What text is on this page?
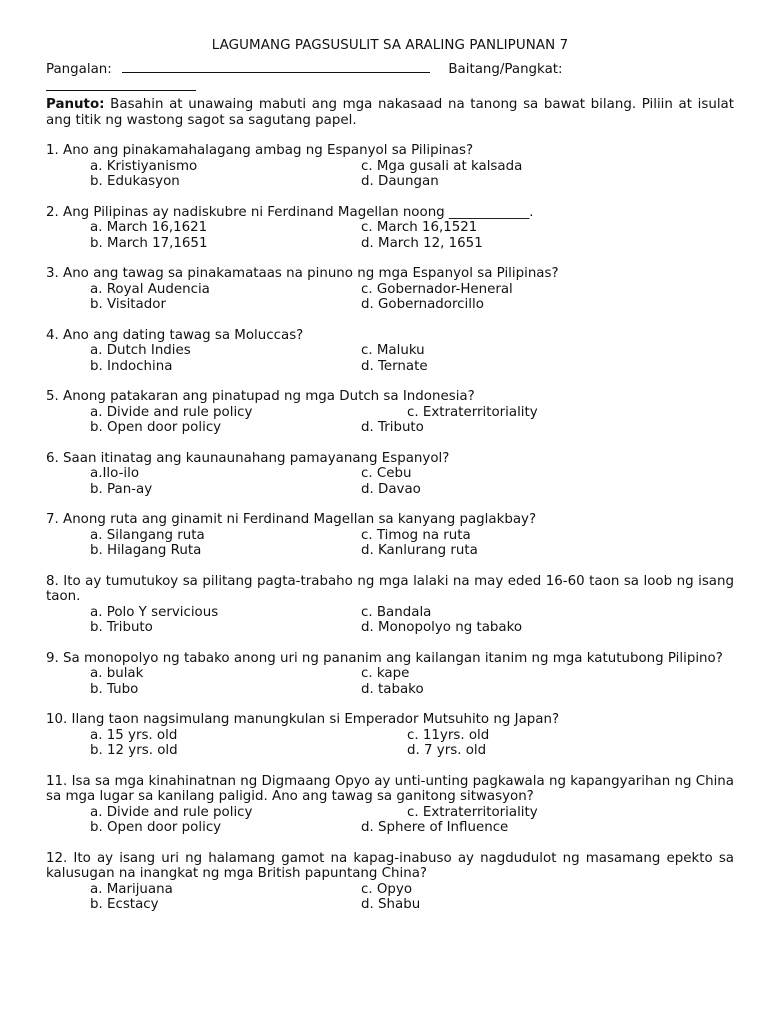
LAGUMANG PAGSUSULIT SA ARALING PANLIPUNAN 7
Pangalan:	Baitang/Pangkat:
Panuto: Basahin at unawaing mabuti ang mga nakasaad na tanong sa bawat bilang. Piliin at isulat ang titik ng wastong sagot sa sagutang papel.
1. Ano ang pinakamahalagang ambag ng Espanyol sa Pilipinas?
a. Kristiyanismo	c. Mga gusali at kalsada
b. Edukasyon	d. Daungan
2. Ang Pilipinas ay nadiskubre ni Ferdinand Magellan noong ____________.
a. March 16,1621	c. March 16,1521
b. March 17,1651	d. March 12, 1651
3. Ano ang tawag sa pinakamataas na pinuno ng mga Espanyol sa Pilipinas?
a. Royal Audencia	c. Gobernador-Heneral
b. Visitador	d. Gobernadorcillo
4. Ano ang dating tawag sa Moluccas?
a. Dutch Indies	c. Maluku
b. Indochina	d. Ternate
5. Anong patakaran ang pinatupad ng mga Dutch sa Indonesia?
a. Divide and rule policy	c. Extraterritoriality
b. Open door policy	d. Tributo
6. Saan itinatag ang kaunaunahang pamayanang Espanyol?
a.Ilo-ilo	c. Cebu
b. Pan-ay	d. Davao
7. Anong ruta ang ginamit ni Ferdinand Magellan sa kanyang paglakbay?
a. Silangang ruta	c. Timog na ruta
b. Hilagang Ruta	d. Kanlurang ruta
8. Ito ay tumutukoy sa pilitang pagta-trabaho ng mga lalaki na may eded 16-60 taon sa loob ng isang taon.
a. Polo Y servicious	c. Bandala
b. Tributo	d. Monopolyo ng tabako
9. Sa monopolyo ng tabako anong uri ng pananim ang kailangan itanim ng mga katutubong Pilipino?
a. bulak	c. kape
b. Tubo	d. tabako
10. Ilang taon nagsimulang manungkulan si Emperador Mutsuhito ng Japan?
a. 15 yrs. old	c. 11yrs. old
b. 12 yrs. old	d. 7 yrs. old
11. Isa sa mga kinahinatnan ng Digmaang Opyo ay unti-unting pagkawala ng kapangyarihan ng China sa mga lugar sa kanilang paligid. Ano ang tawag sa ganitong sitwasyon?
a. Divide and rule policy	c. Extraterritoriality
b. Open door policy	d. Sphere of Influence
12. Ito ay isang uri ng halamang gamot na kapag-inabuso ay nagdudulot ng masamang epekto sa kalusugan na inangkat ng mga British papuntang China?
a. Marijuana	c. Opyo
b. Ecstacy	d. Shabu
